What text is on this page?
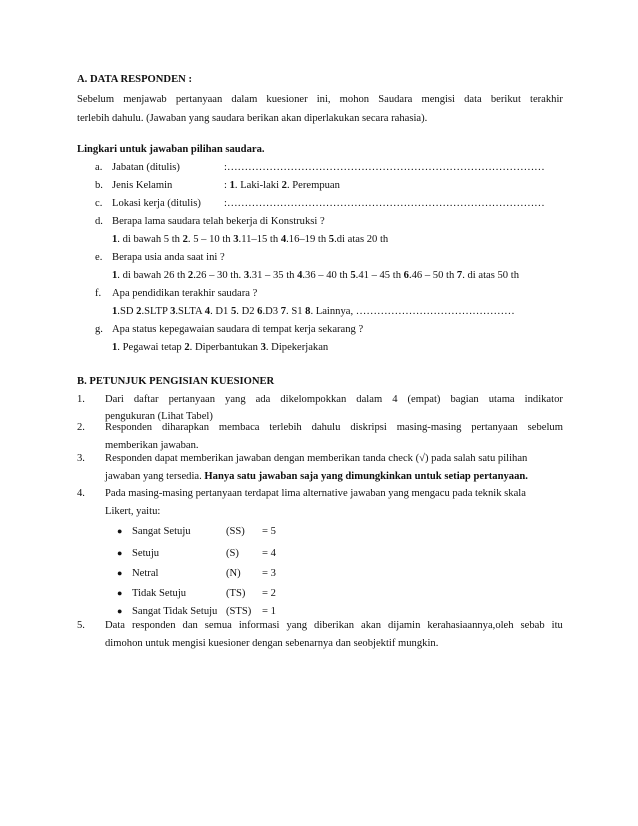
A. DATA RESPONDEN :
Sebelum menjawab pertanyaan dalam kuesioner ini, mohon Saudara mengisi data berikut terakhir
terlebih dahulu. (Jawaban yang saudara berikan akan diperlakukan secara rahasia).
Lingkari untuk jawaban pilihan saudara.
a. Jabatan (ditulis)	:………………………………………………………………………………
b. Jenis Kelamin	: 1. Laki-laki 2. Perempuan
c. Lokasi kerja (ditulis) :………………………………………………………………………………
d. Berapa lama saudara telah bekerja di Konstruksi ?
1. di bawah 5 th 2. 5 – 10 th 3.11–15 th 4.16–19 th 5.di atas 20 th
e. Berapa usia anda saat ini ?
1. di bawah 26 th 2.26 – 30 th. 3.31 – 35 th 4.36 – 40 th 5.41 – 45 th 6.46 – 50 th 7. di atas 50 th
f. Apa pendidikan terakhir saudara ?
1.SD 2.SLTP 3.SLTA 4. D1 5. D2 6.D3 7. S1 8. Lainnya, ………………………………………
g. Apa status kepegawaian saudara di tempat kerja sekarang ?
1. Pegawai tetap 2. Diperbantukan 3. Dipekerjakan
B. PETUNJUK PENGISIAN KUESIONER
1. Dari daftar pertanyaan yang ada dikelompokkan dalam 4 (empat) bagian utama indikator
pengukuran (Lihat Tabel)
2. Responden diharapkan membaca terlebih dahulu diskripsi masing-masing pertanyaan sebelum
memberikan jawaban.
3. Responden dapat memberikan jawaban dengan memberikan tanda check (√) pada salah satu pilihan
jawaban yang tersedia. Hanya satu jawaban saja yang dimungkinkan untuk setiap pertanyaan.
4. Pada masing-masing pertanyaan terdapat lima alternative jawaban yang mengacu pada teknik skala
Likert, yaitu:
5. Data responden dan semua informasi yang diberikan akan dijamin kerahasiaannya,oleh sebab itu
dimohon untuk mengisi kuesioner dengan sebenarnya dan seobjektif mungkin.
● Sangat Setuju	(SS) = 5
● Setuju	(S) = 4
● Netral	(N) = 3
● Tidak Setuju	(TS) = 2
● Sangat Tidak Setuju (STS) = 1
